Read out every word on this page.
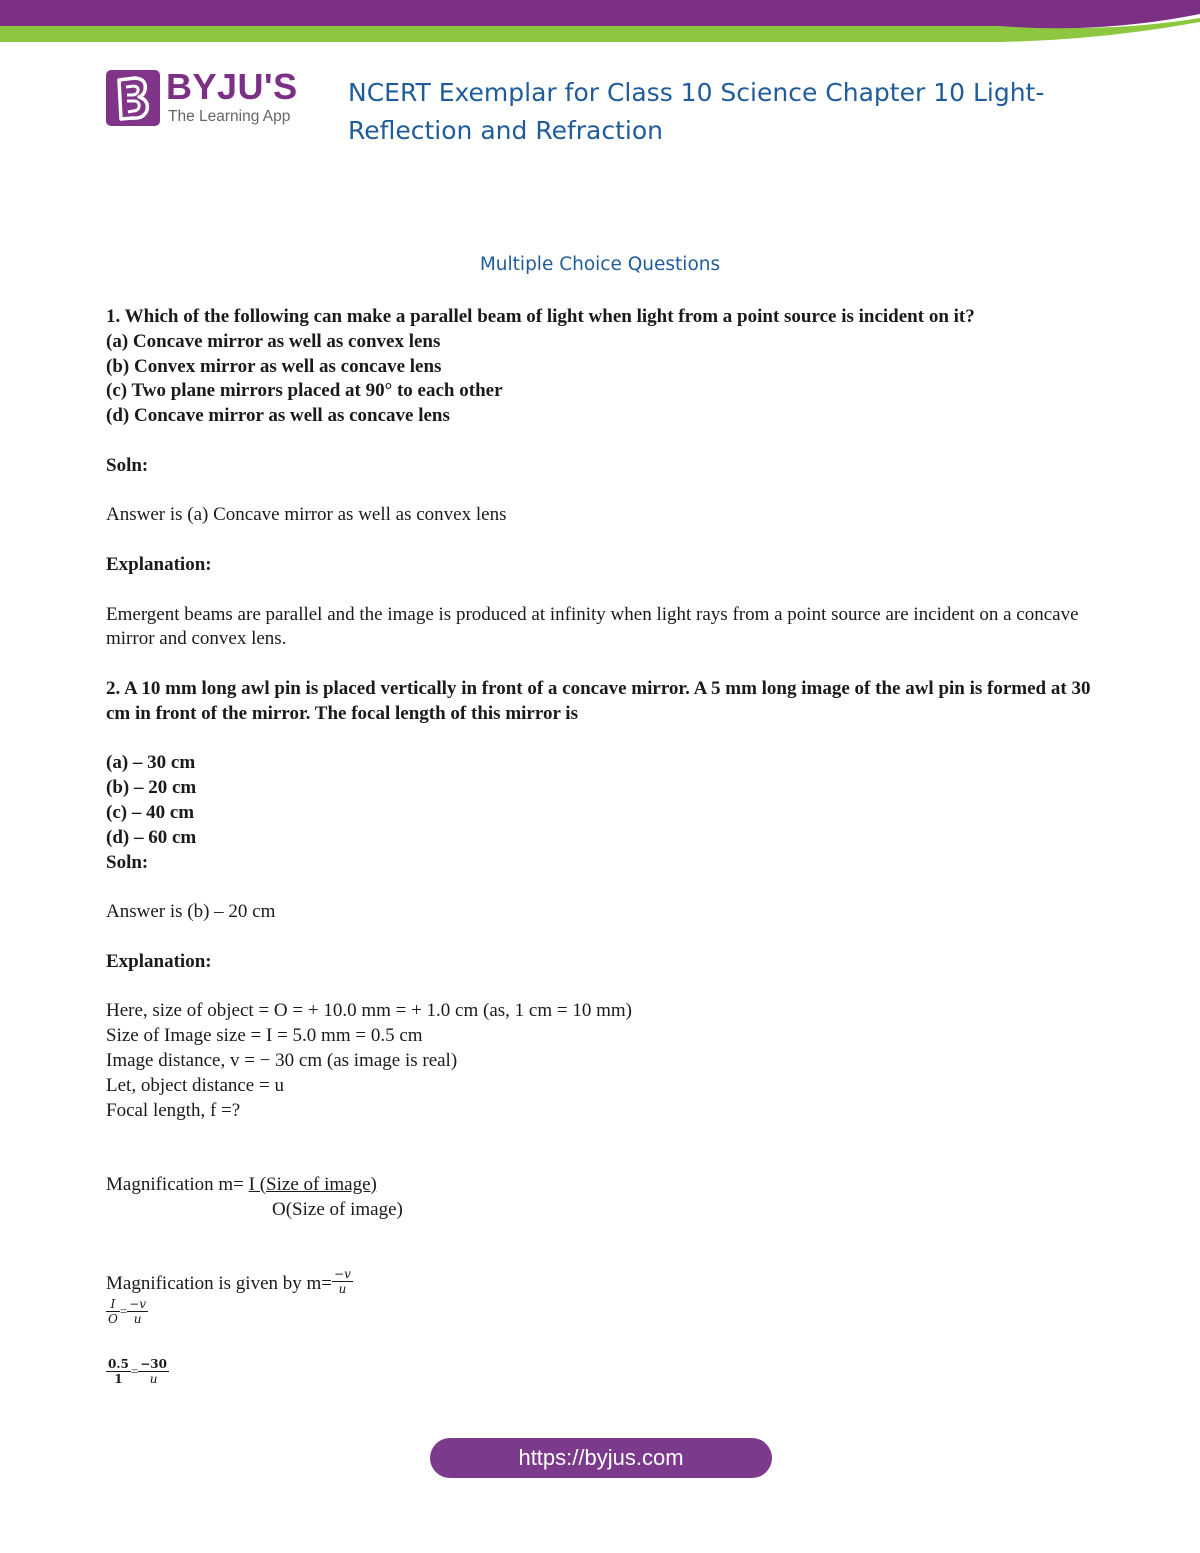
BYJU'S
The Learning App
NCERT Exemplar for Class 10 Science Chapter 10 Light- Reflection and Refraction
Multiple Choice Questions
1. Which of the following can make a parallel beam of light when light from a point source is incident on it?
(a) Concave mirror as well as convex lens
(b) Convex mirror as well as concave lens
(c) Two plane mirrors placed at 90° to each other
(d) Concave mirror as well as concave lens
Soln:
Answer is (a) Concave mirror as well as convex lens
Explanation:
Emergent beams are parallel and the image is produced at infinity when light rays from a point source are incident on a concave mirror and convex lens.
2. A 10 mm long awl pin is placed vertically in front of a concave mirror. A 5 mm long image of the awl pin is formed at 30 cm in front of the mirror. The focal length of this mirror is
(a) – 30 cm
(b) – 20 cm
(c) – 40 cm
(d) – 60 cm
Soln:
Answer is (b) – 20 cm
Explanation:
Here, size of object = O = + 10.0 mm = + 1.0 cm (as, 1 cm = 10 mm)
Size of Image size = I = 5.0 mm = 0.5 cm
Image distance, v = − 30 cm (as image is real)
Let, object distance = u
Focal length, f =?
Magnification m= I (Size of image)
O(Size of image)
Magnification is given by $m= \frac{-v}{u}$
$\frac{I}{O} = \frac{-v}{u}$
$\frac{0.5}{1} = \frac{-30}{u}$
https://byjus.com
